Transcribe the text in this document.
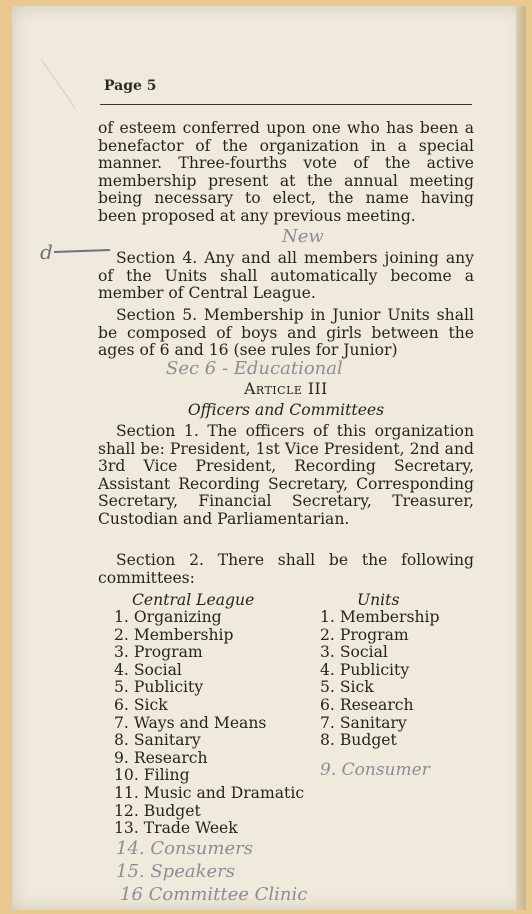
Page 5

of esteem conferred upon one who has been a benefactor of the organization in a special manner. Three-fourths vote of the active membership present at the annual meeting being necessary to elect, the name having been proposed at any previous meeting.

New
d	Section 4. Any and all members joining any of the Units shall automatically become a member of Central League.

Section 5. Membership in Junior Units shall be composed of boys and girls between the ages of 6 and 16 (see rules for Junior)

Sec 6 - Educational
Article III
Officers and Committees

Section 1. The officers of this organization shall be: President, 1st Vice President, 2nd and 3rd Vice President, Recording Secretary, Assistant Recording Secretary, Corresponding Secretary, Financial Secretary, Treasurer, Custodian and Parliamentarian.

Section 2. There shall be the following committees:

Central League	Units
1. Organizing
2. Membership
3. Program
4. Social
5. Publicity
6. Sick
7. Ways and Means
8. Sanitary
9. Research
10. Filing
11. Music and Dramatic
12. Budget
13. Trade Week
1. Membership
2. Program
3. Social
4. Publicity
5. Sick
6. Research
7. Sanitary
8. Budget
9. Consumer
14. Consumers
15. Speakers
16 Committee Clinic
